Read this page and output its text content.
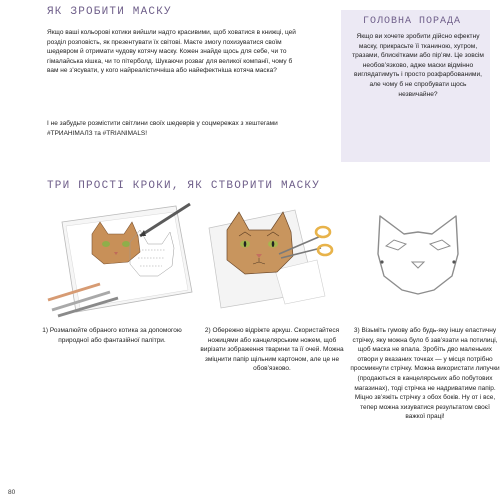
ЯК ЗРОБИТИ МАСКУ

Якщо ваші кольорові котики вийшли надто красивими, щоб ховатися в книжці, цей розділ розповість, як презентувати їх світові. Маєте змогу похизуватися своїм шедевром й отримати чудову котячу маску. Кожен знайде щось для себе, чи то гімалайська кішка, чи то пітерболд. Шукаючи розваг для великої компанії, чому б вам не з’ясувати, у кого найреалістичніша або найефектніша котяча маска?

І не забудьте розмістити світлини своїх шедеврів у соцмережах з хештегами #ТРИАНІМАЛЗ та #TRIANIMALS!

ГОЛОВНА ПОРАДА

Якщо ви хочете зробити дійсно ефектну маску, прикрасьте її тканиною, хутром, тразами, блискітками або пір’ям. Це зовсім необов’язково, адже маски відмінно виглядатимуть і просто розфарбованими, але чому б не спробувати щось незвичайне?

ТРИ ПРОСТІ КРОКИ, ЯК СТВОРИТИ МАСКУ

1) Розмалюйте обраного котика за допомогою природної або фантазійної палітри.

2) Обережно відріжте аркуш. Скористайтеся ножицями або канцелярським ножем, щоб вирізати зображення тварини та її очей. Можна зміцнити папір щільним картоном, але це не обов’язково.

3) Візьміть гумову або будь-яку іншу еластичну стрічку, яку можна було б зав’язати на потилиці, щоб маска не впала. Зробіть дво маленьких отвори у вказаних точках — у місця потрібно просмикнути стрічку. Можна використати липучки (продаються в канцелярських або побутових магазинах), тоді стрічка не надриватиме папір. Міцно зв’яжіть стрічку з обох боків. Ну от і все, тепер можна хизуватися результатом своєї важкої праці!

80
